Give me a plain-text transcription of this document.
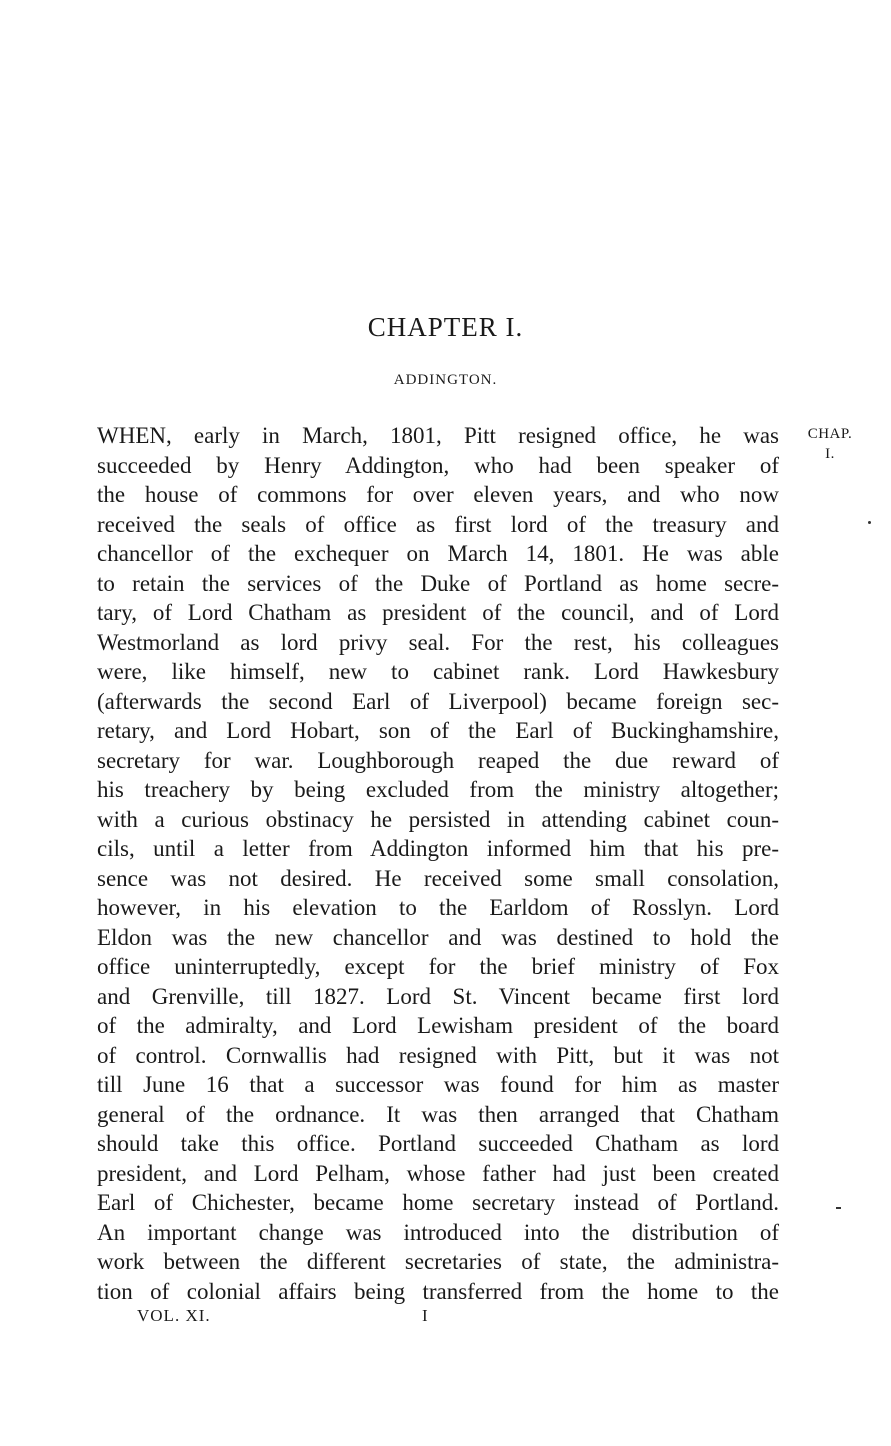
CHAPTER I.
ADDINGTON.
CHAP.
I.
WHEN, early in March, 1801, Pitt resigned office, he was
succeeded by Henry Addington, who had been speaker of
the house of commons for over eleven years, and who now
received the seals of office as first lord of the treasury and
chancellor of the exchequer on March 14, 1801. He was able
to retain the services of the Duke of Portland as home secre-
tary, of Lord Chatham as president of the council, and of Lord
Westmorland as lord privy seal. For the rest, his colleagues
were, like himself, new to cabinet rank. Lord Hawkesbury
(afterwards the second Earl of Liverpool) became foreign sec-
retary, and Lord Hobart, son of the Earl of Buckinghamshire,
secretary for war. Loughborough reaped the due reward of
his treachery by being excluded from the ministry altogether;
with a curious obstinacy he persisted in attending cabinet coun-
cils, until a letter from Addington informed him that his pre-
sence was not desired. He received some small consolation,
however, in his elevation to the Earldom of Rosslyn. Lord
Eldon was the new chancellor and was destined to hold the
office uninterruptedly, except for the brief ministry of Fox
and Grenville, till 1827. Lord St. Vincent became first lord
of the admiralty, and Lord Lewisham president of the board
of control. Cornwallis had resigned with Pitt, but it was not
till June 16 that a successor was found for him as master
general of the ordnance. It was then arranged that Chatham
should take this office. Portland succeeded Chatham as lord
president, and Lord Pelham, whose father had just been created
Earl of Chichester, became home secretary instead of Portland.
An important change was introduced into the distribution of
work between the different secretaries of state, the administra-
tion of colonial affairs being transferred from the home to the
VOL. XI.	I
